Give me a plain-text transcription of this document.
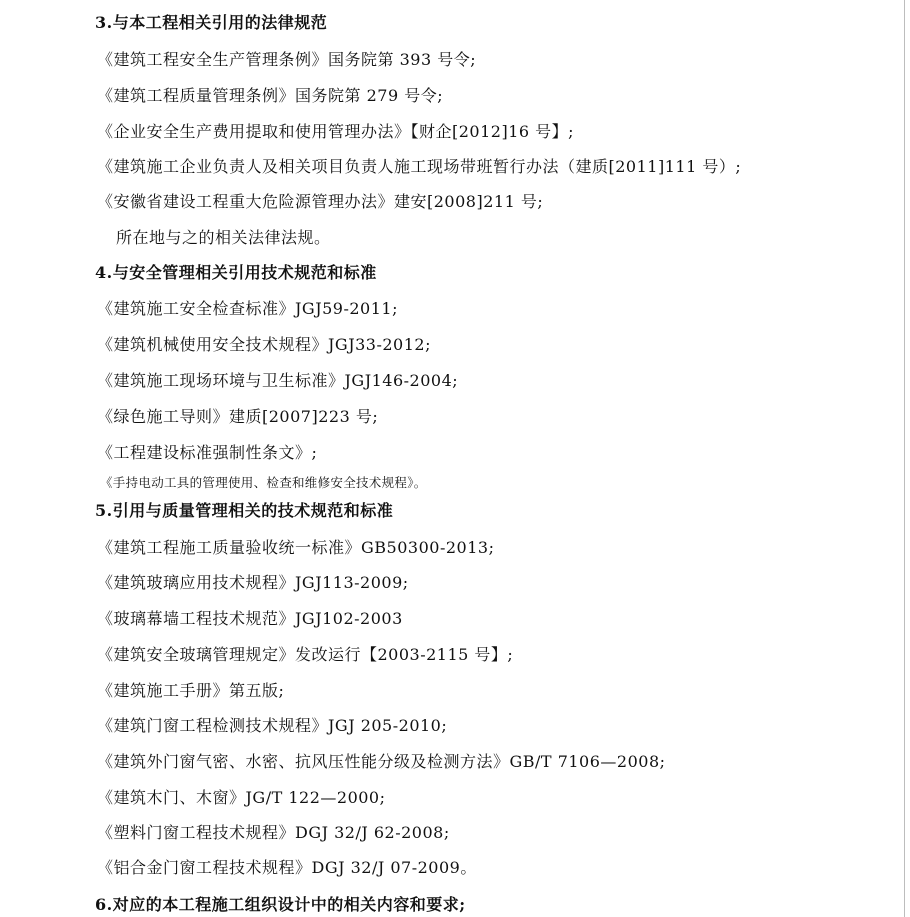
3.与本工程相关引用的法律规范
《建筑工程安全生产管理条例》国务院第 393 号令;
《建筑工程质量管理条例》国务院第 279 号令;
《企业安全生产费用提取和使用管理办法》【财企[2012]16 号】;
《建筑施工企业负责人及相关项目负责人施工现场带班暂行办法（建质[2011]111 号）;
《安徽省建设工程重大危险源管理办法》建安[2008]211 号;
所在地与之的相关法律法规。
4.与安全管理相关引用技术规范和标准
《建筑施工安全检查标准》JGJ59-2011;
《建筑机械使用安全技术规程》JGJ33-2012;
《建筑施工现场环境与卫生标准》JGJ146-2004;
《绿色施工导则》建质[2007]223 号;
《工程建设标准强制性条文》;
《手持电动工具的管理使用、检查和维修安全技术规程》。
5.引用与质量管理相关的技术规范和标准
《建筑工程施工质量验收统一标准》GB50300-2013;
《建筑玻璃应用技术规程》JGJ113-2009;
《玻璃幕墙工程技术规范》JGJ102-2003
《建筑安全玻璃管理规定》发改运行【2003-2115 号】;
《建筑施工手册》第五版;
《建筑门窗工程检测技术规程》JGJ 205-2010;
《建筑外门窗气密、水密、抗风压性能分级及检测方法》GB/T 7106—2008;
《建筑木门、木窗》JG/T 122—2000;
《塑料门窗工程技术规程》DGJ 32/J 62-2008;
《铝合金门窗工程技术规程》DGJ 32/J 07-2009。
6.对应的本工程施工组织设计中的相关内容和要求;
